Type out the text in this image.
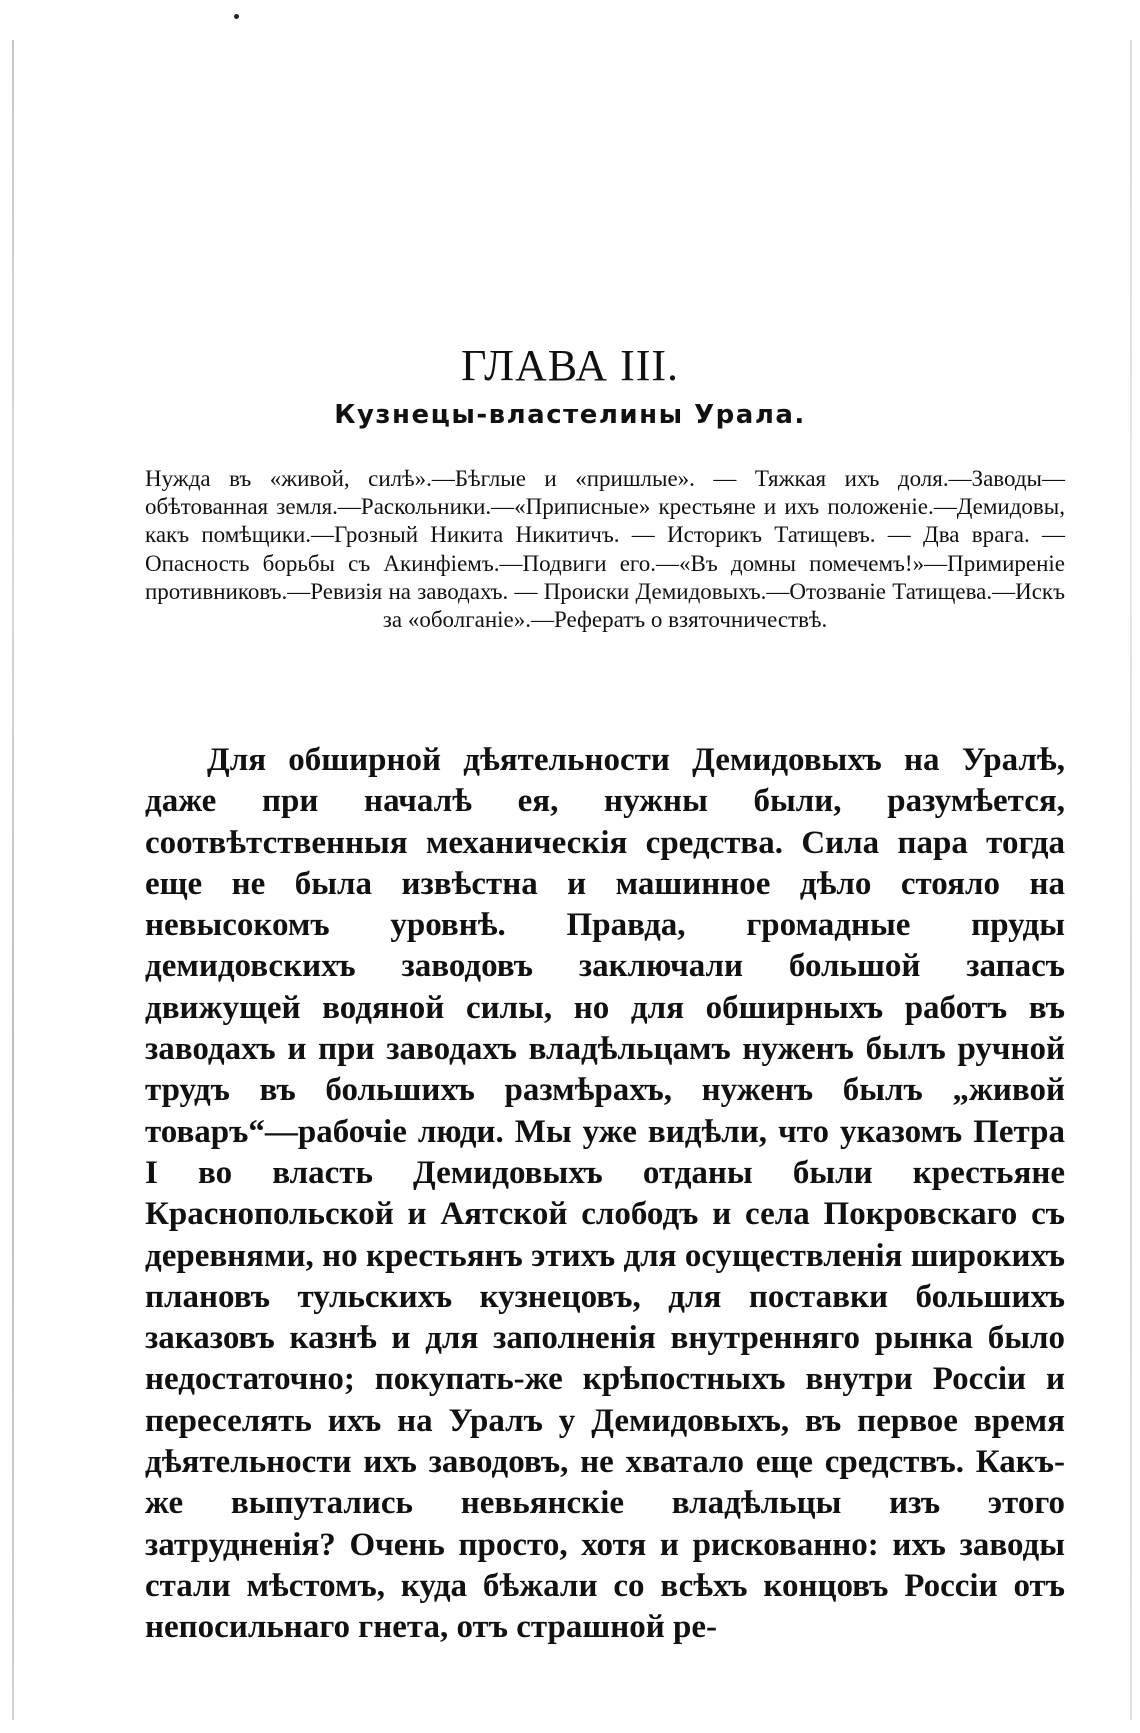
ГЛАВА III.
Кузнецы-властелины Урала.
Нужда въ «живой, силѣ».—Бѣглые и «пришлые». — Тяжкая ихъ доля.—Заводы—обѣтованная земля.—Раскольники.—«Приписные» крестьяне и ихъ положеніе.—Демидовы, какъ помѣщики.—Грозный Никита Никитичъ. — Историкъ Татищевъ. — Два врага. — Опасность борьбы съ Акинфіемъ.—Подвиги его.—«Въ домны помечемъ!»—Примиреніе противниковъ.—Ревизія на заводахъ. — Происки Демидовыхъ.—Отозваніе Татищева.—Искъ за «оболганіе».—Рефератъ о взяточничествѣ.

Для обширной дѣятельности Демидовыхъ на Уралѣ, даже при началѣ ея, нужны были, разумѣется, соотвѣтственныя механическія средства. Сила пара тогда еще не была извѣстна и машинное дѣло стояло на невысокомъ уровнѣ. Правда, громадные пруды демидовскихъ заводовъ заключали большой запасъ движущей водяной силы, но для обширныхъ работъ въ заводахъ и при заводахъ владѣльцамъ нуженъ былъ ручной трудъ въ большихъ размѣрахъ, нуженъ былъ „живой товаръ“—рабочіе люди. Мы уже видѣли, что указомъ Петра I во власть Демидовыхъ отданы были крестьяне Краснопольской и Аятской слободъ и села Покровскаго съ деревнями, но крестьянъ этихъ для осуществленія широкихъ плановъ тульскихъ кузнецовъ, для поставки большихъ заказовъ казнѣ и для заполненія внутренняго рынка было недостаточно; покупать-же крѣпостныхъ внутри Россіи и переселять ихъ на Уралъ у Демидовыхъ, въ первое время дѣятельности ихъ заводовъ, не хватало еще средствъ. Какъ-же выпутались невьянскіе владѣльцы изъ этого затрудненія? Очень просто, хотя и рискованно: ихъ заводы стали мѣстомъ, куда бѣжали со всѣхъ концовъ Россіи отъ непосильнаго гнета, отъ страшной ре-
